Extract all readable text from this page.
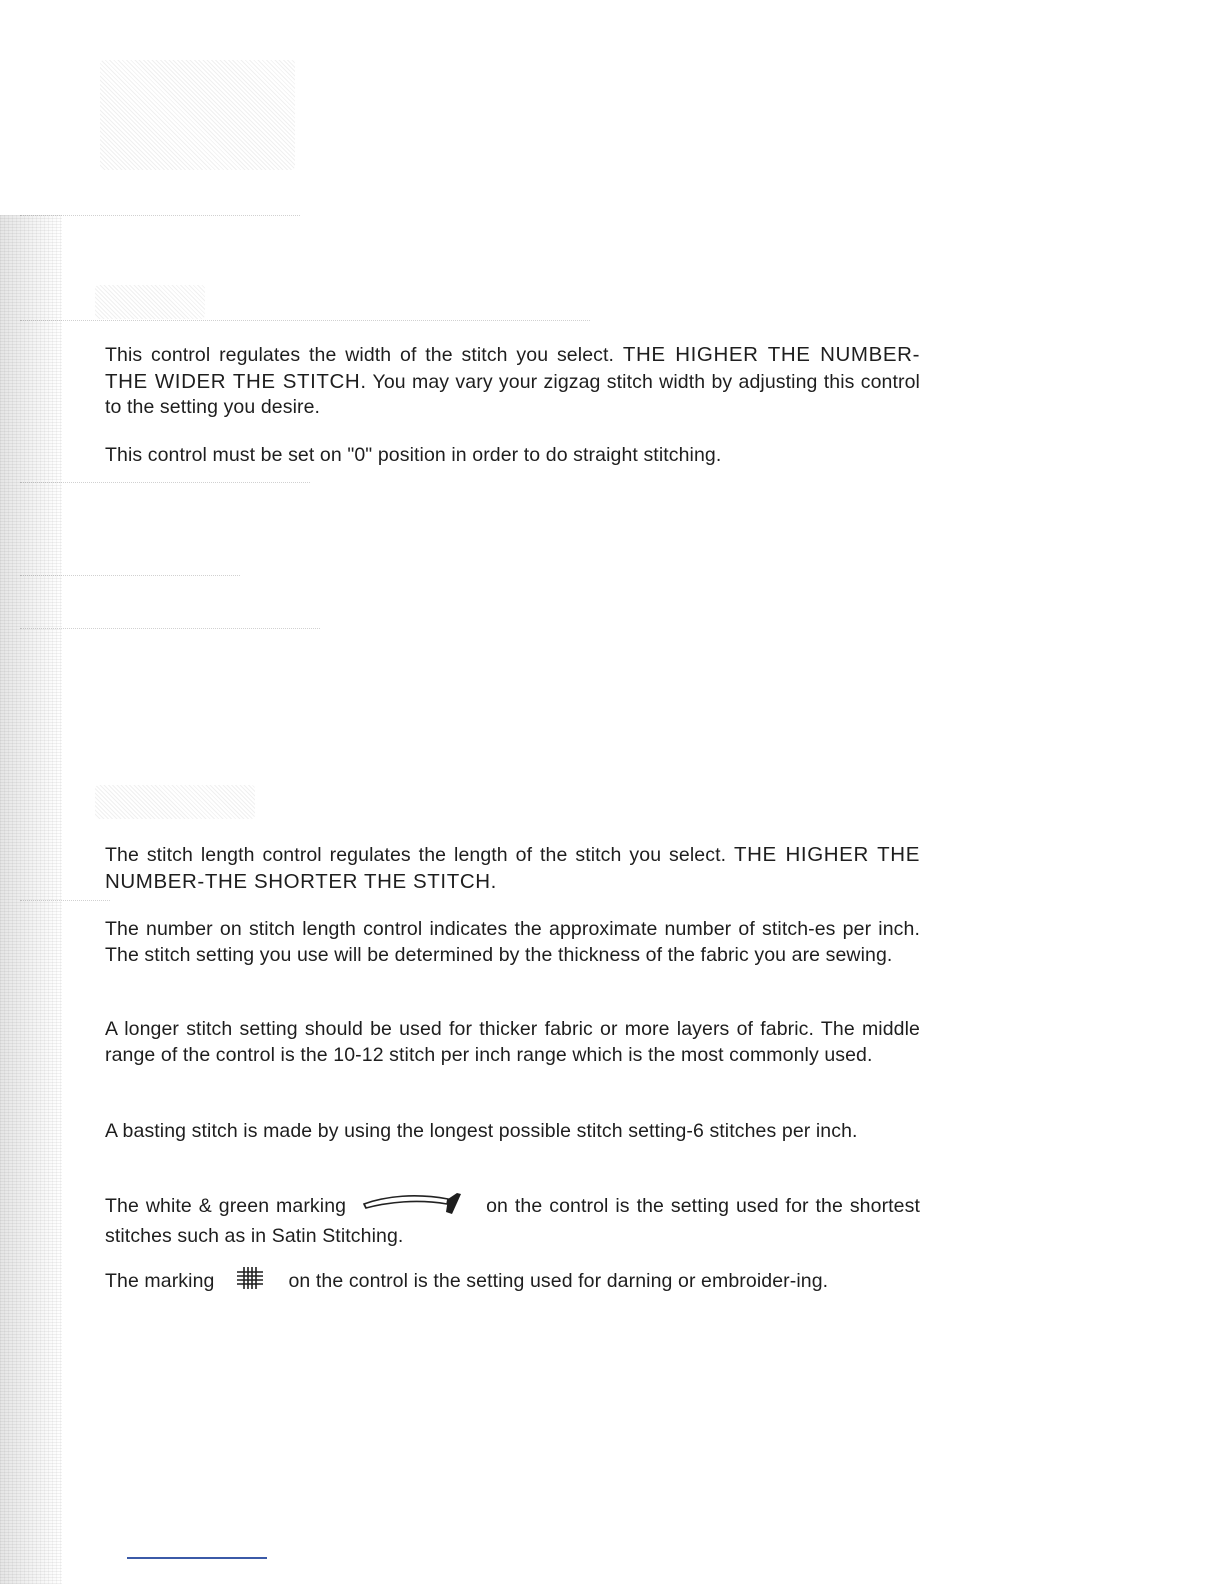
This control regulates the width of the stitch you select. THE HIGHER THE NUMBER-THE WIDER THE STITCH. You may vary your zigzag stitch width by adjusting this control to the setting you desire.

This control must be set on "0" position in order to do straight stitching.

The stitch length control regulates the length of the stitch you select. THE HIGHER THE NUMBER-THE SHORTER THE STITCH.

The number on stitch length control indicates the approximate number of stitch-es per inch. The stitch setting you use will be determined by the thickness of the fabric you are sewing.

A longer stitch setting should be used for thicker fabric or more layers of fabric. The middle range of the control is the 10-12 stitch per inch range which is the most commonly used.

A basting stitch is made by using the longest possible stitch setting-6 stitches per inch.

The white & green marking	on the control is the setting used for the shortest stitches such as in Satin Stitching.

The marking	on the control is the setting used for darning or embroider-ing.
